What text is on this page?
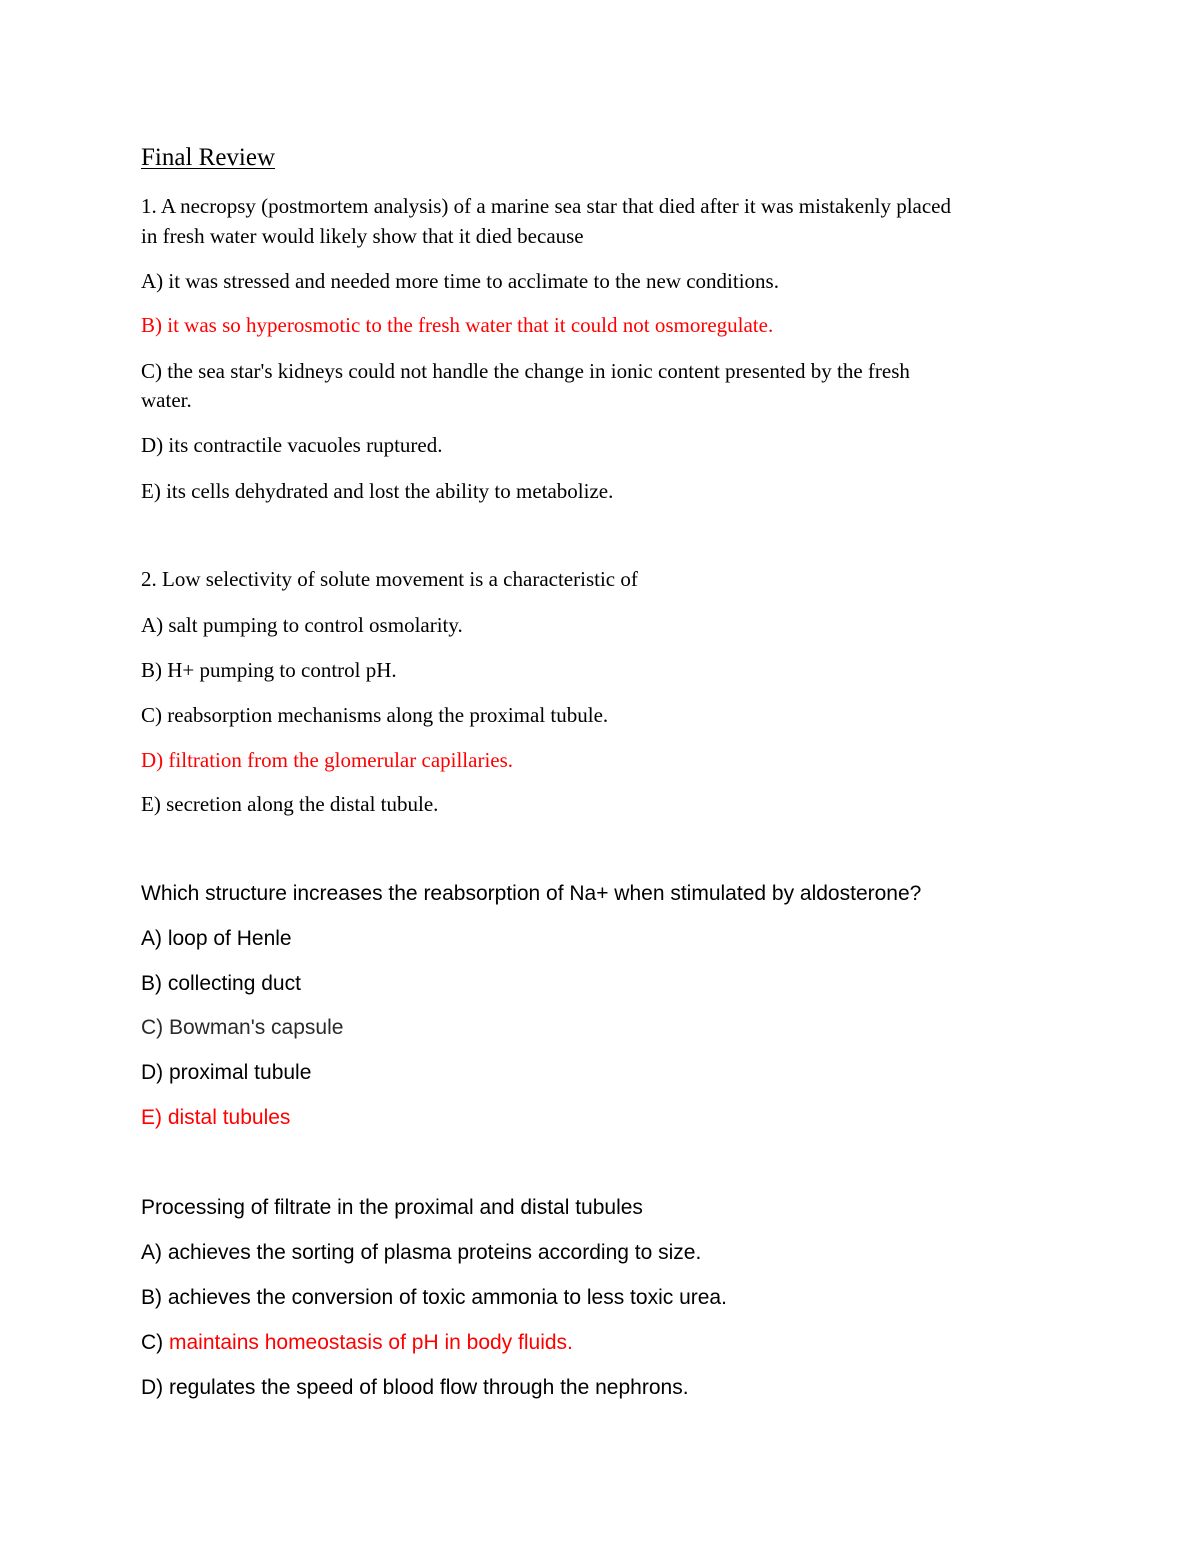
Final Review
1. A necropsy (postmortem analysis) of a marine sea star that died after it was mistakenly placed
in fresh water would likely show that it died because
A) it was stressed and needed more time to acclimate to the new conditions.
B) it was so hyperosmotic to the fresh water that it could not osmoregulate.
C) the sea star's kidneys could not handle the change in ionic content presented by the fresh
water.
D) its contractile vacuoles ruptured.
E) its cells dehydrated and lost the ability to metabolize.
2. Low selectivity of solute movement is a characteristic of
A) salt pumping to control osmolarity.
B) H+ pumping to control pH.
C) reabsorption mechanisms along the proximal tubule.
D) filtration from the glomerular capillaries.
E) secretion along the distal tubule.
Which structure increases the reabsorption of Na+ when stimulated by aldosterone?
A) loop of Henle
B) collecting duct
C) Bowman's capsule
D) proximal tubule
E) distal tubules
Processing of filtrate in the proximal and distal tubules
A) achieves the sorting of plasma proteins according to size.
B) achieves the conversion of toxic ammonia to less toxic urea.
C) maintains homeostasis of pH in body fluids.
D) regulates the speed of blood flow through the nephrons.
